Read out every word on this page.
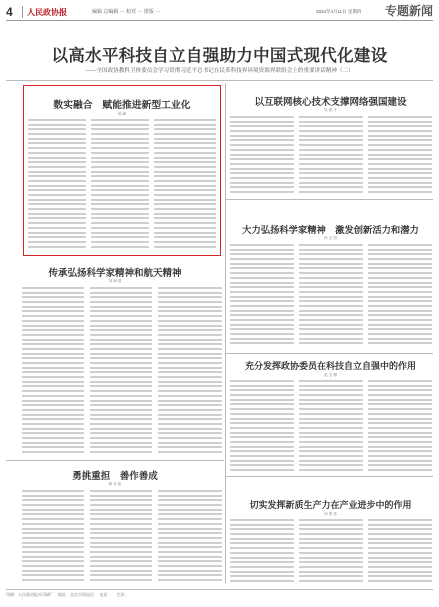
4	人民政协报	编辑 总编辑 ··· 校对 ··· 排版 ···	2024年4月11日 星期四 专题新闻
以高水平科技自立自强助力中国式现代化建设
——全国政协教科卫体委员会学习贯彻习近平总书记在民革科技界环境资源界联组会上的重要讲话精神（二）
数实融合　赋能推进新型工业化
杨 峰
以互联网核心技术支撑网络强国建设
吴 建 平
传承弘扬科学家精神和航天精神
刘 海 建
大力弘扬科学家精神　激发创新活力和潜力
孙 宝 国
充分发挥政协委员在科技自立自强中的作用
赵 宝 钢
勇挑重担　善作善成
林 本 铭
切实发挥新质生产力在产业进步中的作用
何 建 伟
印刷：人民政协报社印刷厂　地址：北京市海淀区·　电话：·　定价：·
